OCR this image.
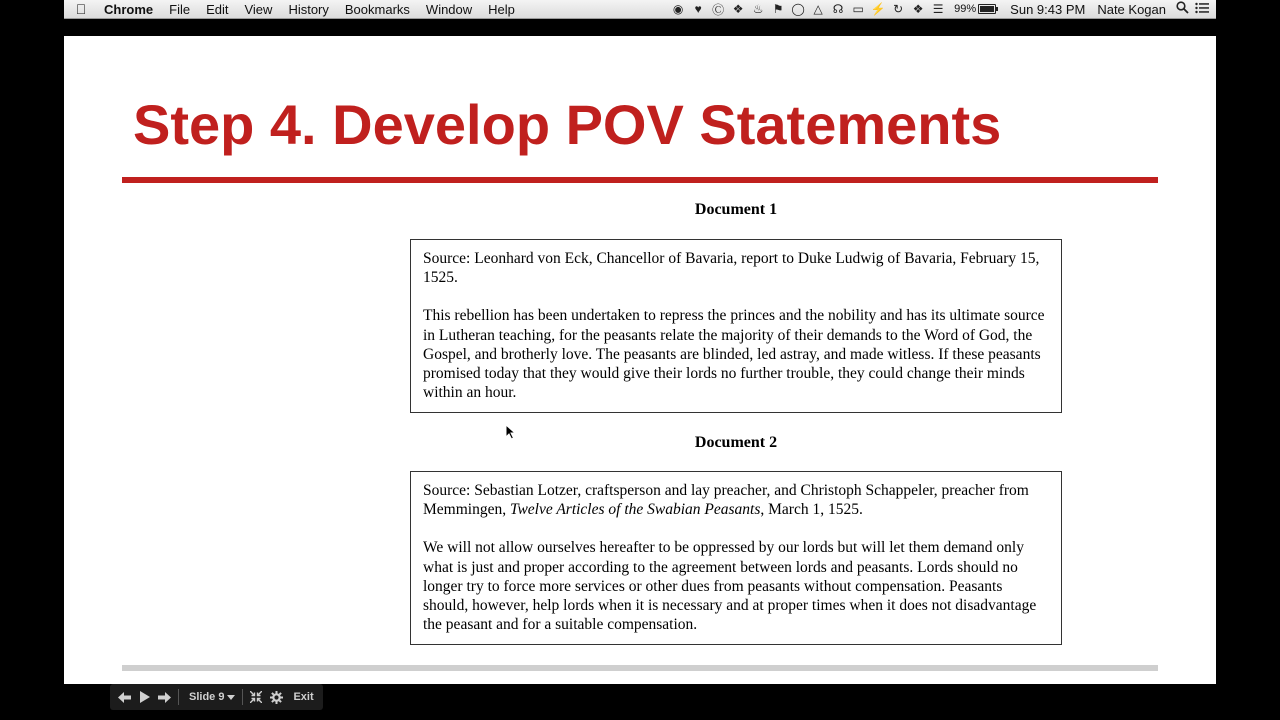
Chrome	File	Edit	View	History	Bookmarks	Window	Help	◉ ♥ Ⓒ ❖ ♨ ⚑ ◯ △ ☊ ▭ ⚡ ↻ ❖ ☰ 99%	Sun 9:43 PM Nate Kogan
Step 4. Develop POV Statements
Document 1

Source: Leonhard von Eck, Chancellor of Bavaria, report to Duke Ludwig of Bavaria, February 15, 1525.

This rebellion has been undertaken to repress the princes and the nobility and has its ultimate source in Lutheran teaching, for the peasants relate the majority of their demands to the Word of God, the Gospel, and brotherly love. The peasants are blinded, led astray, and made witless. If these peasants promised today that they would give their lords no further trouble, they could change their minds within an hour.

Document 2

Source: Sebastian Lotzer, craftsperson and lay preacher, and Christoph Schappeler, preacher from Memmingen, Twelve Articles of the Swabian Peasants, March 1, 1525.

We will not allow ourselves hereafter to be oppressed by our lords but will let them demand only what is just and proper according to the agreement between lords and peasants. Lords should no longer try to force more services or other dues from peasants without compensation. Peasants should, however, help lords when it is necessary and at proper times when it does not disadvantage the peasant and for a suitable compensation.

Slide 9	Exit
